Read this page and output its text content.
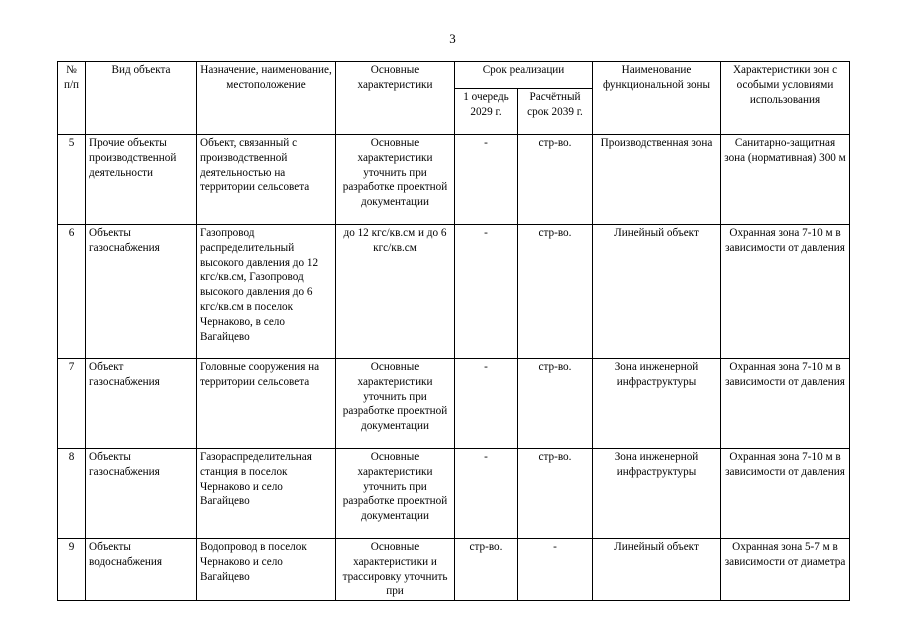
3
№ п/п	Вид объекта	Назначение, наименование, местоположение	Основные характеристики	Срок реализации		Наименование функциональной зоны	Характеристики зон с особыми условиями использования
				1 очередь 2029 г.	Расчётный срок 2039 г.		
5	Прочие объекты производственной деятельности	Объект, связанный с производственной деятельностью на территории сельсовета	Основные характеристики уточнить при разработке проектной документации	-	стр-во.	Производственная зона	Санитарно-защитная зона (нормативная) 300 м
6	Объекты газоснабжения	Газопровод распределительный высокого давления до 12 кгс/кв.см, Газопровод высокого давления до 6 кгс/кв.см в поселок Чернаково, в село Вагайцево	до 12 кгс/кв.см и до 6 кгс/кв.см	-	стр-во.	Линейный объект	Охранная зона 7-10 м в зависимости от давления
7	Объект газоснабжения	Головные сооружения на территории сельсовета	Основные характеристики уточнить при разработке проектной документации	-	стр-во.	Зона инженерной инфраструктуры	Охранная зона 7-10 м в зависимости от давления
8	Объекты газоснабжения	Газораспределительная станция в поселок Чернаково и село Вагайцево	Основные характеристики уточнить при разработке проектной документации	-	стр-во.	Зона инженерной инфраструктуры	Охранная зона 7-10 м в зависимости от давления
9	Объекты водоснабжения	Водопровод в поселок Чернаково и село Вагайцево	Основные характеристики и трассировку уточнить при	стр-во.	-	Линейный объект	Охранная зона 5-7 м в зависимости от диаметра
